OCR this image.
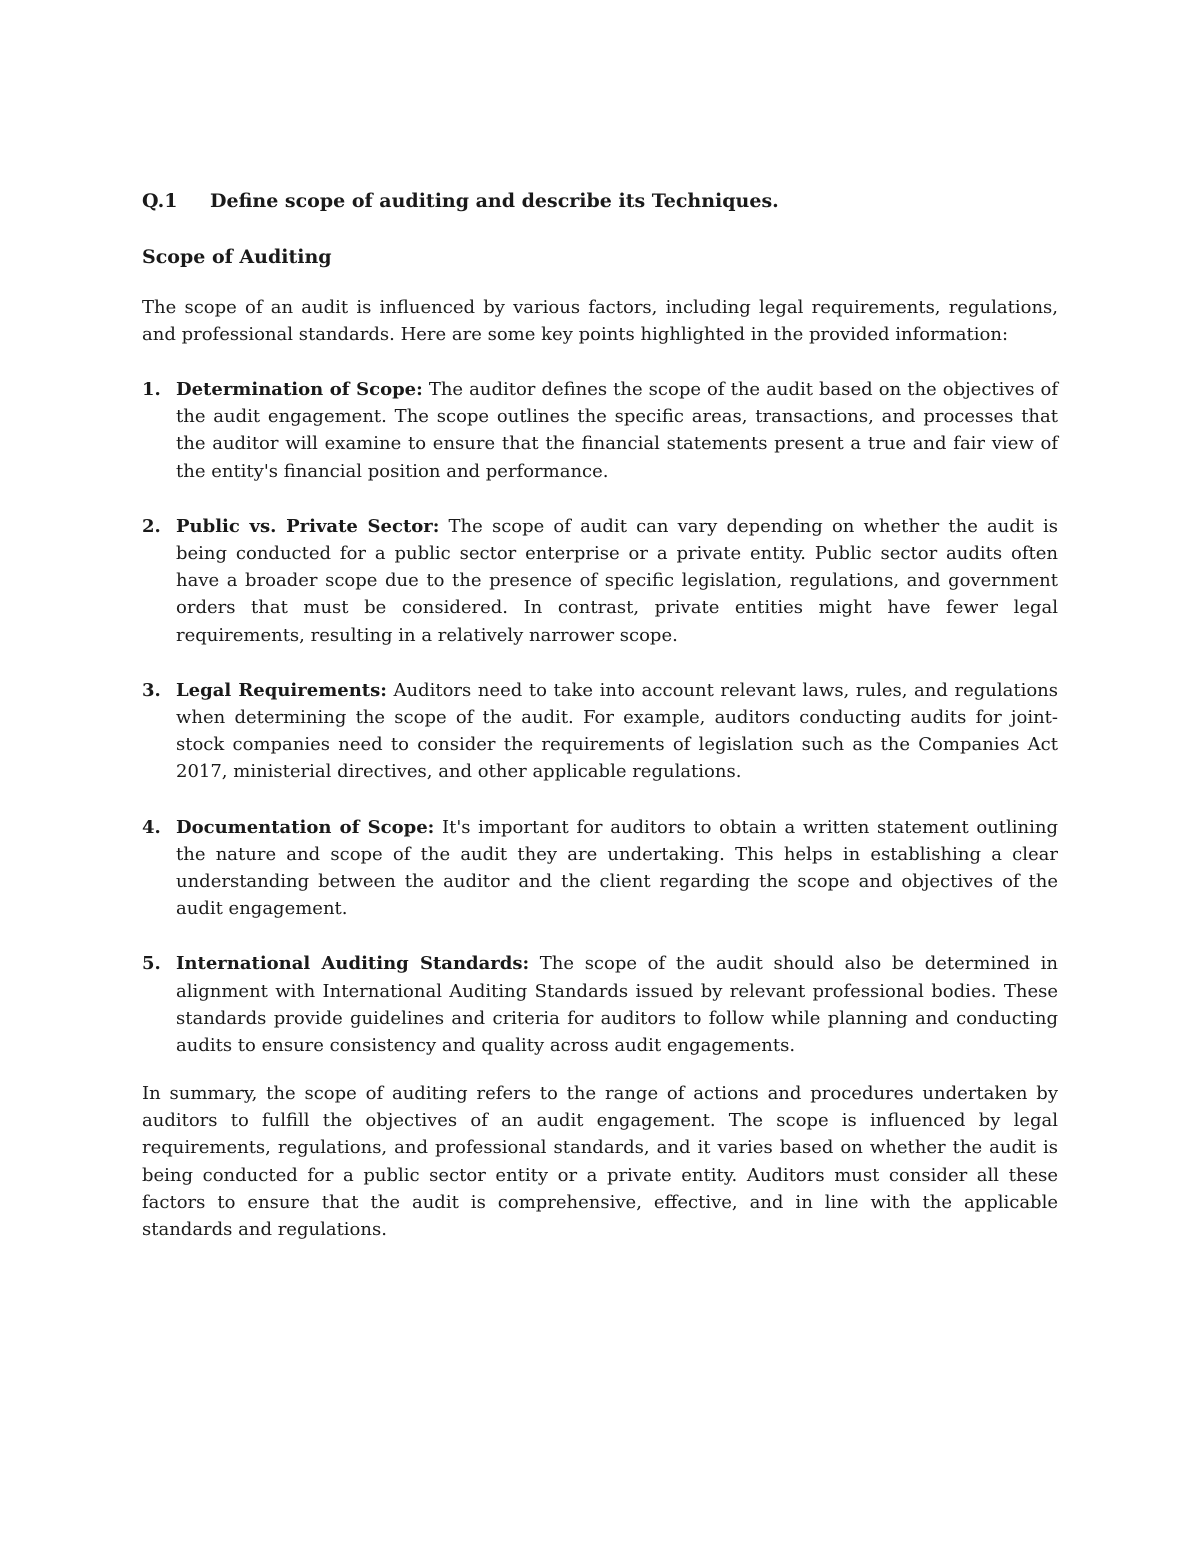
Q.1 Define scope of auditing and describe its Techniques.
Scope of Auditing

The scope of an audit is influenced by various factors, including legal requirements, regulations, and professional standards. Here are some key points highlighted in the provided information:

1. Determination of Scope: The auditor defines the scope of the audit based on the objectives of the audit engagement. The scope outlines the specific areas, transactions, and processes that the auditor will examine to ensure that the financial statements present a true and fair view of the entity's financial position and performance.
2. Public vs. Private Sector: The scope of audit can vary depending on whether the audit is being conducted for a public sector enterprise or a private entity. Public sector audits often have a broader scope due to the presence of specific legislation, regulations, and government orders that must be considered. In contrast, private entities might have fewer legal requirements, resulting in a relatively narrower scope.
3. Legal Requirements: Auditors need to take into account relevant laws, rules, and regulations when determining the scope of the audit. For example, auditors conducting audits for joint-stock companies need to consider the requirements of legislation such as the Companies Act 2017, ministerial directives, and other applicable regulations.
4. Documentation of Scope: It's important for auditors to obtain a written statement outlining the nature and scope of the audit they are undertaking. This helps in establishing a clear understanding between the auditor and the client regarding the scope and objectives of the audit engagement.
5. International Auditing Standards: The scope of the audit should also be determined in alignment with International Auditing Standards issued by relevant professional bodies. These standards provide guidelines and criteria for auditors to follow while planning and conducting audits to ensure consistency and quality across audit engagements.

In summary, the scope of auditing refers to the range of actions and procedures undertaken by auditors to fulfill the objectives of an audit engagement. The scope is influenced by legal requirements, regulations, and professional standards, and it varies based on whether the audit is being conducted for a public sector entity or a private entity. Auditors must consider all these factors to ensure that the audit is comprehensive, effective, and in line with the applicable standards and regulations.
